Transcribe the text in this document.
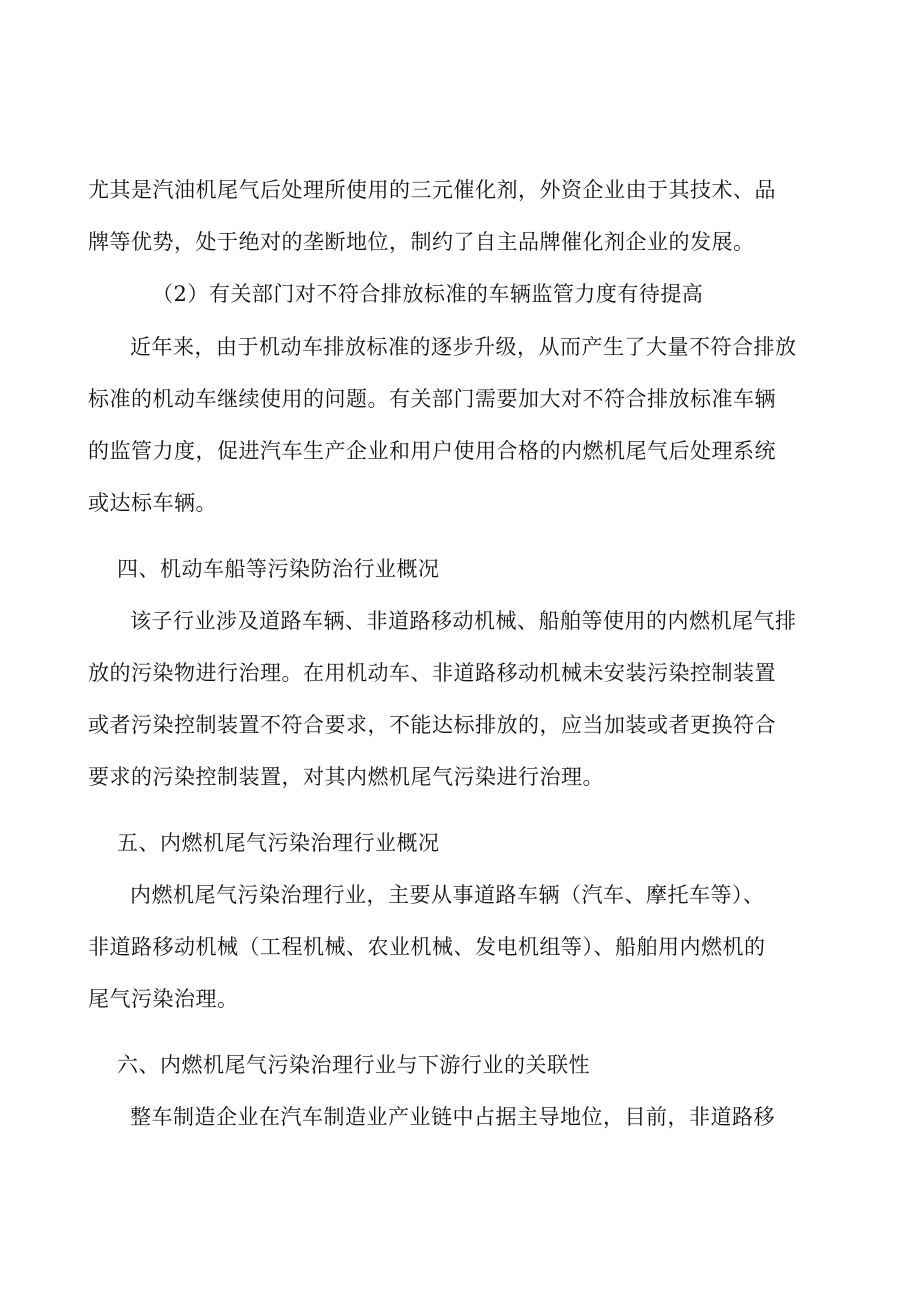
尤其是汽油机尾气后处理所使用的三元催化剂，外资企业由于其技术、品
牌等优势，处于绝对的垄断地位，制约了自主品牌催化剂企业的发展。
（2）有关部门对不符合排放标准的车辆监管力度有待提高
近年来，由于机动车排放标准的逐步升级，从而产生了大量不符合排放
标准的机动车继续使用的问题。有关部门需要加大对不符合排放标准车辆
的监管力度，促进汽车生产企业和用户使用合格的内燃机尾气后处理系统
或达标车辆。
四、机动车船等污染防治行业概况
该子行业涉及道路车辆、非道路移动机械、船舶等使用的内燃机尾气排
放的污染物进行治理。在用机动车、非道路移动机械未安装污染控制装置
或者污染控制装置不符合要求，不能达标排放的，应当加装或者更换符合
要求的污染控制装置，对其内燃机尾气污染进行治理。
五、内燃机尾气污染治理行业概况
内燃机尾气污染治理行业，主要从事道路车辆（汽车、摩托车等）、
非道路移动机械（工程机械、农业机械、发电机组等）、船舶用内燃机的
尾气污染治理。
六、内燃机尾气污染治理行业与下游行业的关联性
整车制造企业在汽车制造业产业链中占据主导地位，目前，非道路移
